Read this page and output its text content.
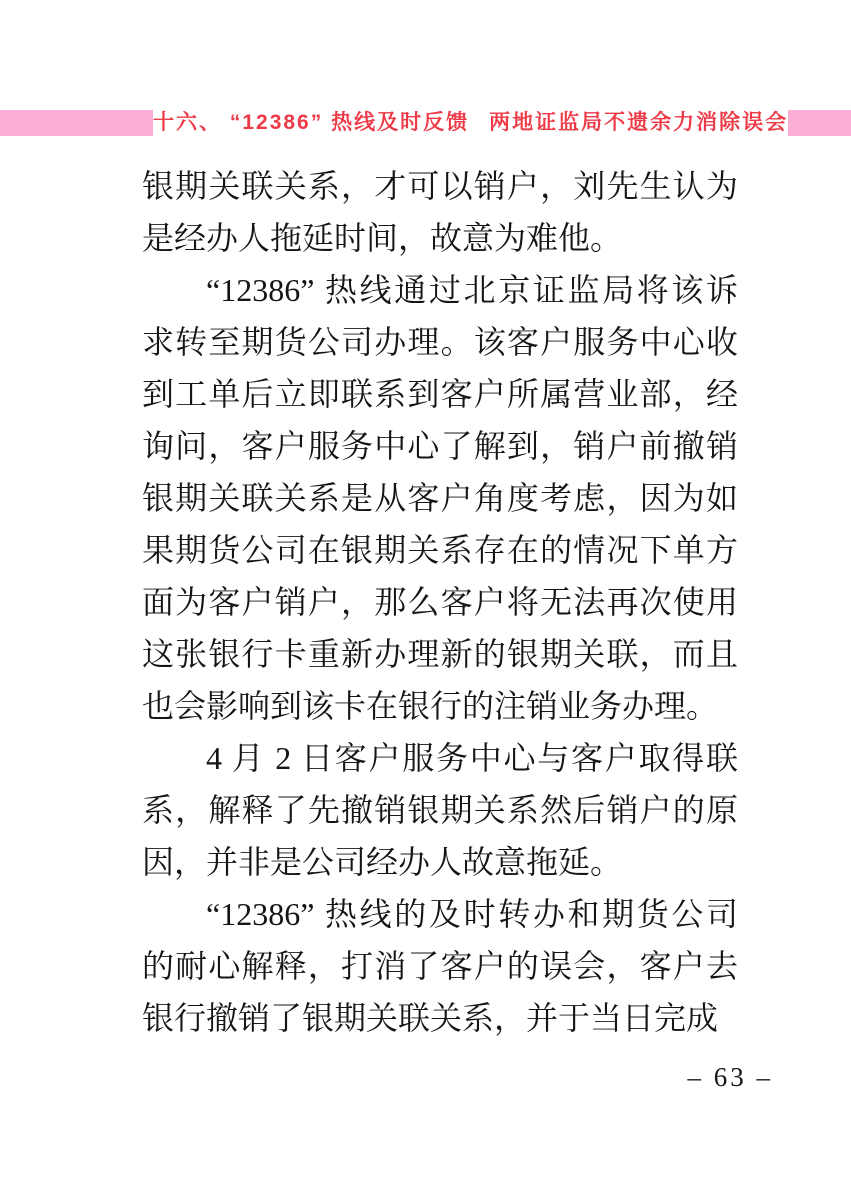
十六、 “12386” 热线及时反馈 两地证监局不遗余力消除误会

银期关联关系，才可以销户，刘先生认为是经办人拖延时间，故意为难他。

“12386” 热线通过北京证监局将该诉求转至期货公司办理。该客户服务中心收到工单后立即联系到客户所属营业部，经询问，客户服务中心了解到，销户前撤销银期关联关系是从客户角度考虑，因为如果期货公司在银期关系存在的情况下单方面为客户销户，那么客户将无法再次使用这张银行卡重新办理新的银期关联，而且也会影响到该卡在银行的注销业务办理。

4 月 2 日客户服务中心与客户取得联系，解释了先撤销银期关系然后销户的原因，并非是公司经办人故意拖延。

“12386” 热线的及时转办和期货公司的耐心解释，打消了客户的误会，客户去银行撤销了银期关联关系，并于当日完成

– 63 –
